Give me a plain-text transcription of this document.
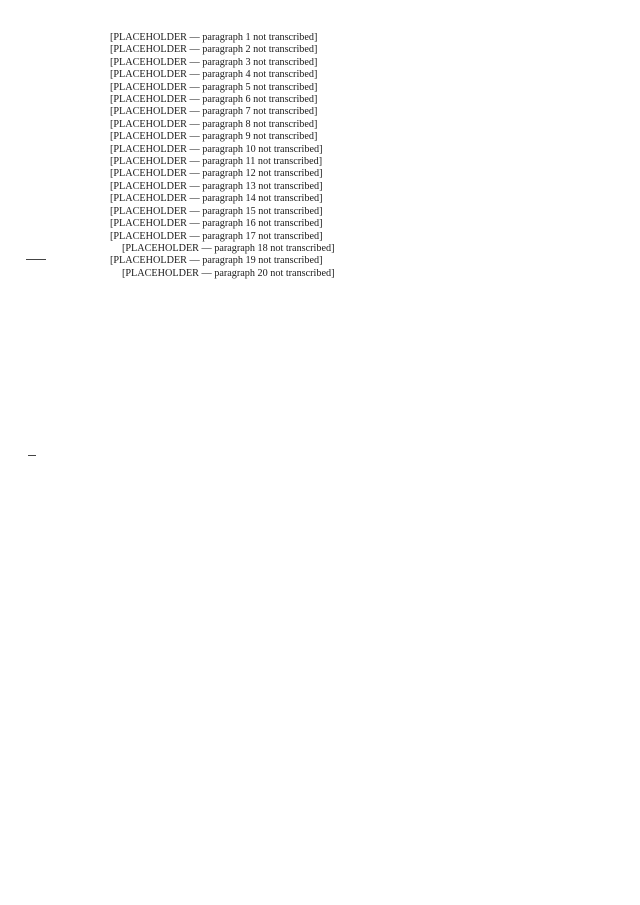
[PLACEHOLDER — paragraph 1 not transcribed]

[PLACEHOLDER — paragraph 2 not transcribed]

[PLACEHOLDER — paragraph 3 not transcribed]

[PLACEHOLDER — paragraph 4 not transcribed]

[PLACEHOLDER — paragraph 5 not transcribed]

[PLACEHOLDER — paragraph 6 not transcribed]

[PLACEHOLDER — paragraph 7 not transcribed]

[PLACEHOLDER — paragraph 8 not transcribed]

[PLACEHOLDER — paragraph 9 not transcribed]

[PLACEHOLDER — paragraph 10 not transcribed]

[PLACEHOLDER — paragraph 11 not transcribed]

[PLACEHOLDER — paragraph 12 not transcribed]

[PLACEHOLDER — paragraph 13 not transcribed]

[PLACEHOLDER — paragraph 14 not transcribed]

[PLACEHOLDER — paragraph 15 not transcribed]

[PLACEHOLDER — paragraph 16 not transcribed]

[PLACEHOLDER — paragraph 17 not transcribed]

[PLACEHOLDER — paragraph 18 not transcribed]

[PLACEHOLDER — paragraph 19 not transcribed]

[PLACEHOLDER — paragraph 20 not transcribed]
